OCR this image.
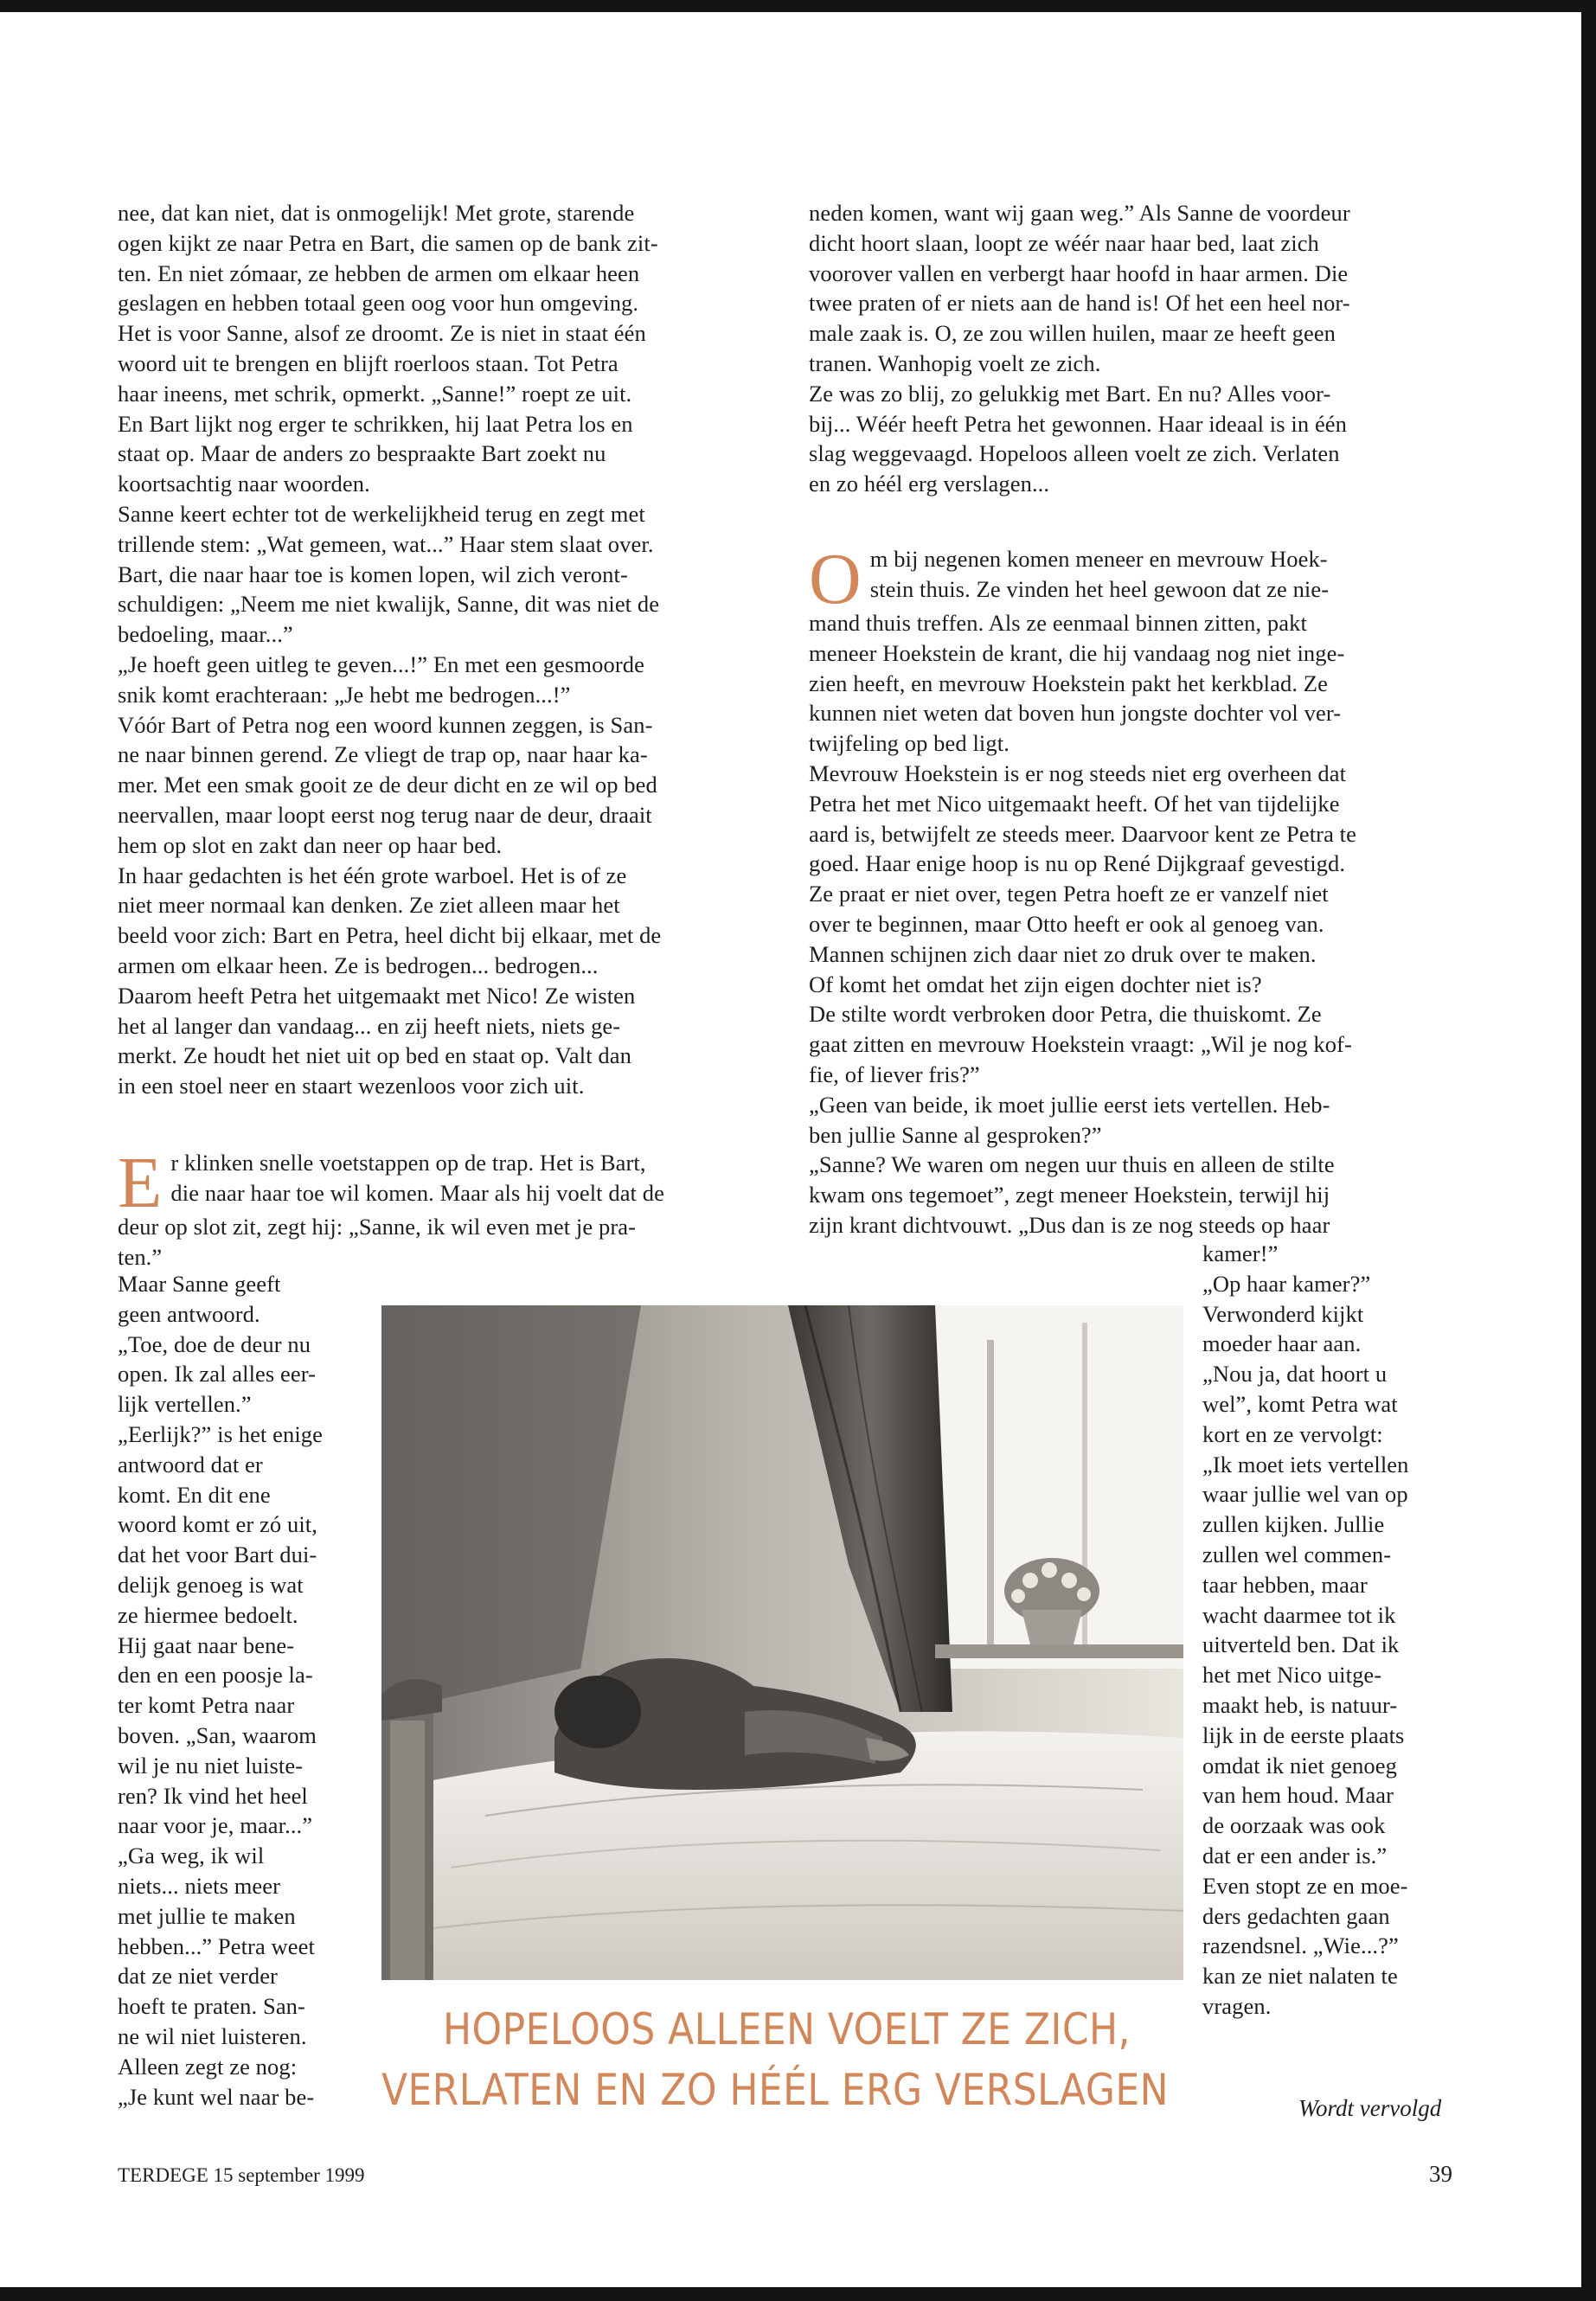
nee, dat kan niet, dat is onmogelijk! Met grote, starende
ogen kijkt ze naar Petra en Bart, die samen op de bank zit-
ten. En niet zómaar, ze hebben de armen om elkaar heen
geslagen en hebben totaal geen oog voor hun omgeving.
Het is voor Sanne, alsof ze droomt. Ze is niet in staat één
woord uit te brengen en blijft roerloos staan. Tot Petra
haar ineens, met schrik, opmerkt. „Sanne!” roept ze uit.
En Bart lijkt nog erger te schrikken, hij laat Petra los en
staat op. Maar de anders zo bespraakte Bart zoekt nu
koortsachtig naar woorden.
Sanne keert echter tot de werkelijkheid terug en zegt met
trillende stem: „Wat gemeen, wat...” Haar stem slaat over.
Bart, die naar haar toe is komen lopen, wil zich veront-
schuldigen: „Neem me niet kwalijk, Sanne, dit was niet de
bedoeling, maar...”
„Je hoeft geen uitleg te geven...!” En met een gesmoorde
snik komt erachteraan: „Je hebt me bedrogen...!”
Vóór Bart of Petra nog een woord kunnen zeggen, is San-
ne naar binnen gerend. Ze vliegt de trap op, naar haar ka-
mer. Met een smak gooit ze de deur dicht en ze wil op bed
neervallen, maar loopt eerst nog terug naar de deur, draait
hem op slot en zakt dan neer op haar bed.
In haar gedachten is het één grote warboel. Het is of ze
niet meer normaal kan denken. Ze ziet alleen maar het
beeld voor zich: Bart en Petra, heel dicht bij elkaar, met de
armen om elkaar heen. Ze is bedrogen... bedrogen...
Daarom heeft Petra het uitgemaakt met Nico! Ze wisten
het al langer dan vandaag... en zij heeft niets, niets ge-
merkt. Ze houdt het niet uit op bed en staat op. Valt dan
in een stoel neer en staart wezenloos voor zich uit.
E r klinken snelle voetstappen op de trap. Het is Bart,
die naar haar toe wil komen. Maar als hij voelt dat de
deur op slot zit, zegt hij: „Sanne, ik wil even met je pra-
ten.”
Maar Sanne geeft
geen antwoord.
„Toe, doe de deur nu
open. Ik zal alles eer-
lijk vertellen.”
„Eerlijk?” is het enige
antwoord dat er
komt. En dit ene
woord komt er zó uit,
dat het voor Bart dui-
delijk genoeg is wat
ze hiermee bedoelt.
Hij gaat naar bene-
den en een poosje la-
ter komt Petra naar
boven. „San, waarom
wil je nu niet luiste-
ren? Ik vind het heel
naar voor je, maar...”
„Ga weg, ik wil
niets... niets meer
met jullie te maken
hebben...” Petra weet
dat ze niet verder
hoeft te praten. San-
ne wil niet luisteren.
Alleen zegt ze nog:
„Je kunt wel naar be-
neden komen, want wij gaan weg.” Als Sanne de voordeur
dicht hoort slaan, loopt ze wéér naar haar bed, laat zich
voorover vallen en verbergt haar hoofd in haar armen. Die
twee praten of er niets aan de hand is! Of het een heel nor-
male zaak is. O, ze zou willen huilen, maar ze heeft geen
tranen. Wanhopig voelt ze zich.
Ze was zo blij, zo gelukkig met Bart. En nu? Alles voor-
bij... Wéér heeft Petra het gewonnen. Haar ideaal is in één
slag weggevaagd. Hopeloos alleen voelt ze zich. Verlaten
en zo héél erg verslagen...
O m bij negenen komen meneer en mevrouw Hoek-
stein thuis. Ze vinden het heel gewoon dat ze nie-
mand thuis treffen. Als ze eenmaal binnen zitten, pakt
meneer Hoekstein de krant, die hij vandaag nog niet inge-
zien heeft, en mevrouw Hoekstein pakt het kerkblad. Ze
kunnen niet weten dat boven hun jongste dochter vol ver-
twijfeling op bed ligt.
Mevrouw Hoekstein is er nog steeds niet erg overheen dat
Petra het met Nico uitgemaakt heeft. Of het van tijdelijke
aard is, betwijfelt ze steeds meer. Daarvoor kent ze Petra te
goed. Haar enige hoop is nu op René Dijkgraaf gevestigd.
Ze praat er niet over, tegen Petra hoeft ze er vanzelf niet
over te beginnen, maar Otto heeft er ook al genoeg van.
Mannen schijnen zich daar niet zo druk over te maken.
Of komt het omdat het zijn eigen dochter niet is?
De stilte wordt verbroken door Petra, die thuiskomt. Ze
gaat zitten en mevrouw Hoekstein vraagt: „Wil je nog kof-
fie, of liever fris?”
„Geen van beide, ik moet jullie eerst iets vertellen. Heb-
ben jullie Sanne al gesproken?”
„Sanne? We waren om negen uur thuis en alleen de stilte
kwam ons tegemoet”, zegt meneer Hoekstein, terwijl hij
zijn krant dichtvouwt. „Dus dan is ze nog steeds op haar
kamer!”
„Op haar kamer?”
Verwonderd kijkt
moeder haar aan.
„Nou ja, dat hoort u
wel”, komt Petra wat
kort en ze vervolgt:
„Ik moet iets vertellen
waar jullie wel van op
zullen kijken. Jullie
zullen wel commen-
taar hebben, maar
wacht daarmee tot ik
uitverteld ben. Dat ik
het met Nico uitge-
maakt heb, is natuur-
lijk in de eerste plaats
omdat ik niet genoeg
van hem houd. Maar
de oorzaak was ook
dat er een ander is.”
Even stopt ze en moe-
ders gedachten gaan
razendsnel. „Wie...?”
kan ze niet nalaten te
vragen.
HOPELOOS ALLEEN VOELT ZE ZICH,
VERLATEN EN ZO HÉÉL ERG VERSLAGEN	Wordt vervolgd
TERDEGE 15 september 1999	39
